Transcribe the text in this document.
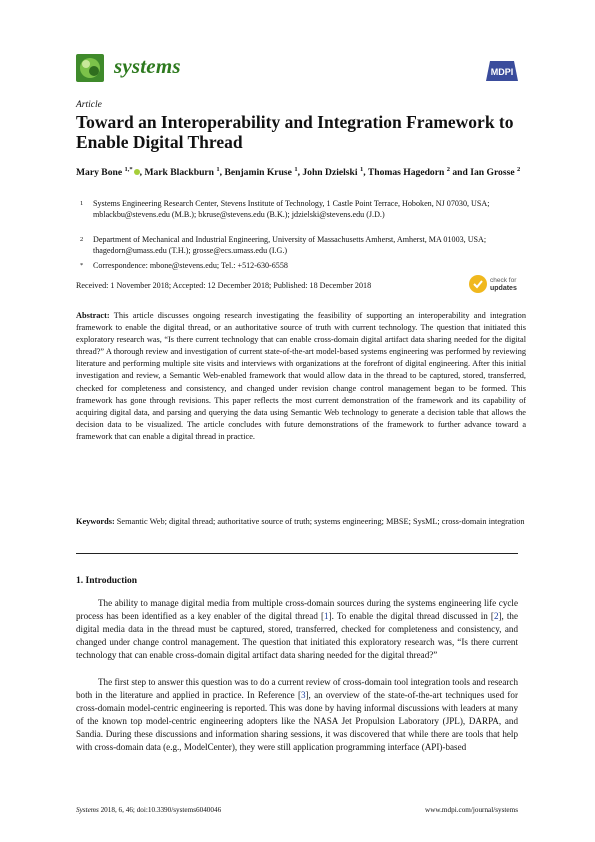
systems	MDPI
Article
Toward an Interoperability and Integration Framework to Enable Digital Thread
Mary Bone $^{1,*}$ , Mark Blackburn $^1$, Benjamin Kruse $^1$, John Dzielski $^1$, Thomas Hagedorn $^2$ and Ian Grosse $^2$
1 Systems Engineering Research Center, Stevens Institute of Technology, 1 Castle Point Terrace, Hoboken, NJ 07030, USA; mblackbu@stevens.edu (M.B.); bkruse@stevens.edu (B.K.); jdzielski@stevens.edu (J.D.)
2 Department of Mechanical and Industrial Engineering, University of Massachusetts Amherst, Amherst, MA 01003, USA; thagedorn@umass.edu (T.H.); grosse@ecs.umass.edu (I.G.)
* Correspondence: mbone@stevens.edu; Tel.: +512-630-6558
Received: 1 November 2018; Accepted: 12 December 2018; Published: 18 December 2018
check for
updates
Abstract: This article discusses ongoing research investigating the feasibility of supporting an interoperability and integration framework to enable the digital thread, or an authoritative source of truth with current technology. The question that initiated this exploratory research was, “Is there current technology that can enable cross-domain digital artifact data sharing needed for the digital thread?” A thorough review and investigation of current state-of-the-art model-based systems engineering was performed by reviewing literature and performing multiple site visits and interviews with organizations at the forefront of digital engineering. After this initial investigation and review, a Semantic Web-enabled framework that would allow data in the thread to be captured, stored, transferred, checked for completeness and consistency, and changed under revision change control management began to be formed. This framework has gone through revisions. This paper reflects the most current demonstration of the framework and its capability of acquiring digital data, and parsing and querying the data using Semantic Web technology to generate a decision table that allows the decision data to be visualized. The article concludes with future demonstrations of the framework to further advance toward a framework that can enable a digital thread in practice.
Keywords: Semantic Web; digital thread; authoritative source of truth; systems engineering; MBSE; SysML; cross-domain integration
1. Introduction
The ability to manage digital media from multiple cross-domain sources during the systems engineering life cycle process has been identified as a key enabler of the digital thread [1]. To enable the digital thread discussed in [2], the digital media data in the thread must be captured, stored, transferred, checked for completeness and consistency, and changed under change control management. The question that initiated this exploratory research was, “Is there current technology that can enable cross-domain digital artifact data sharing needed for the digital thread?”
The first step to answer this question was to do a current review of cross-domain tool integration tools and research both in the literature and applied in practice. In Reference [3], an overview of the state-of-the-art techniques used for cross-domain model-centric engineering is reported. This was done by having informal discussions with leaders at many of the known top model-centric engineering adopters like the NASA Jet Propulsion Laboratory (JPL), DARPA, and Sandia. During these discussions and information sharing sessions, it was discovered that while there are tools that help with cross-domain data (e.g., ModelCenter), they were still application programming interface (API)-based
Systems 2018, 6, 46; doi:10.3390/systems6040046	www.mdpi.com/journal/systems
